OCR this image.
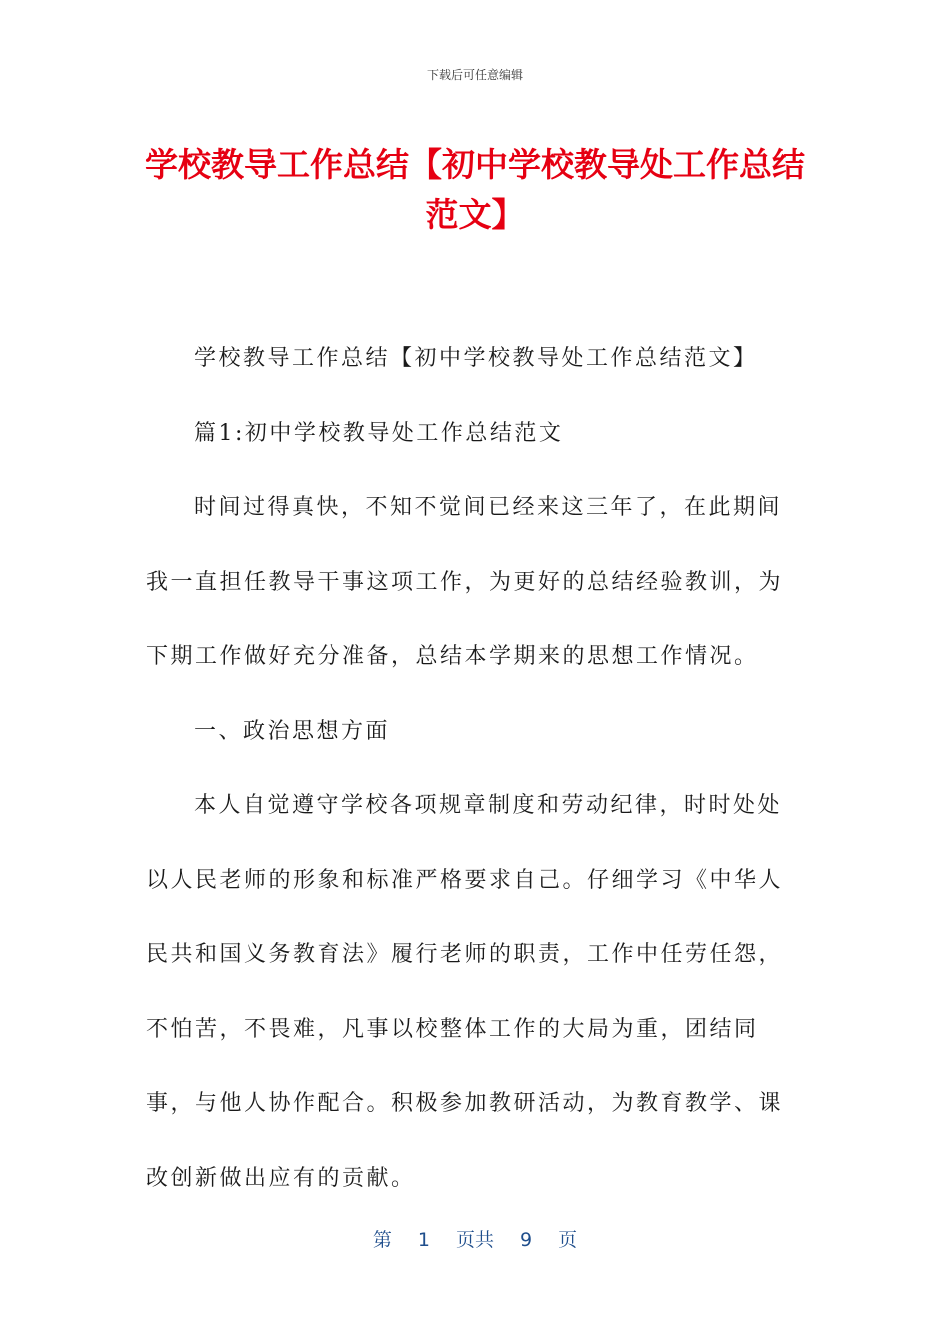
下载后可任意编辑
学校教导工作总结【初中学校教导处工作总结范文】

学校教导工作总结【初中学校教导处工作总结范文】

篇1:初中学校教导处工作总结范文

时间过得真快，不知不觉间已经来这三年了，在此期间我一直担任教导干事这项工作，为更好的总结经验教训，为下期工作做好充分准备，总结本学期来的思想工作情况。

一、政治思想方面

本人自觉遵守学校各项规章制度和劳动纪律，时时处处以人民老师的形象和标准严格要求自己。仔细学习《中华人民共和国义务教育法》履行老师的职责，工作中任劳任怨，不怕苦，不畏难，凡事以校整体工作的大局为重，团结同事，与他人协作配合。积极参加教研活动，为教育教学、课改创新做出应有的贡献。

第 1 页共 9 页
